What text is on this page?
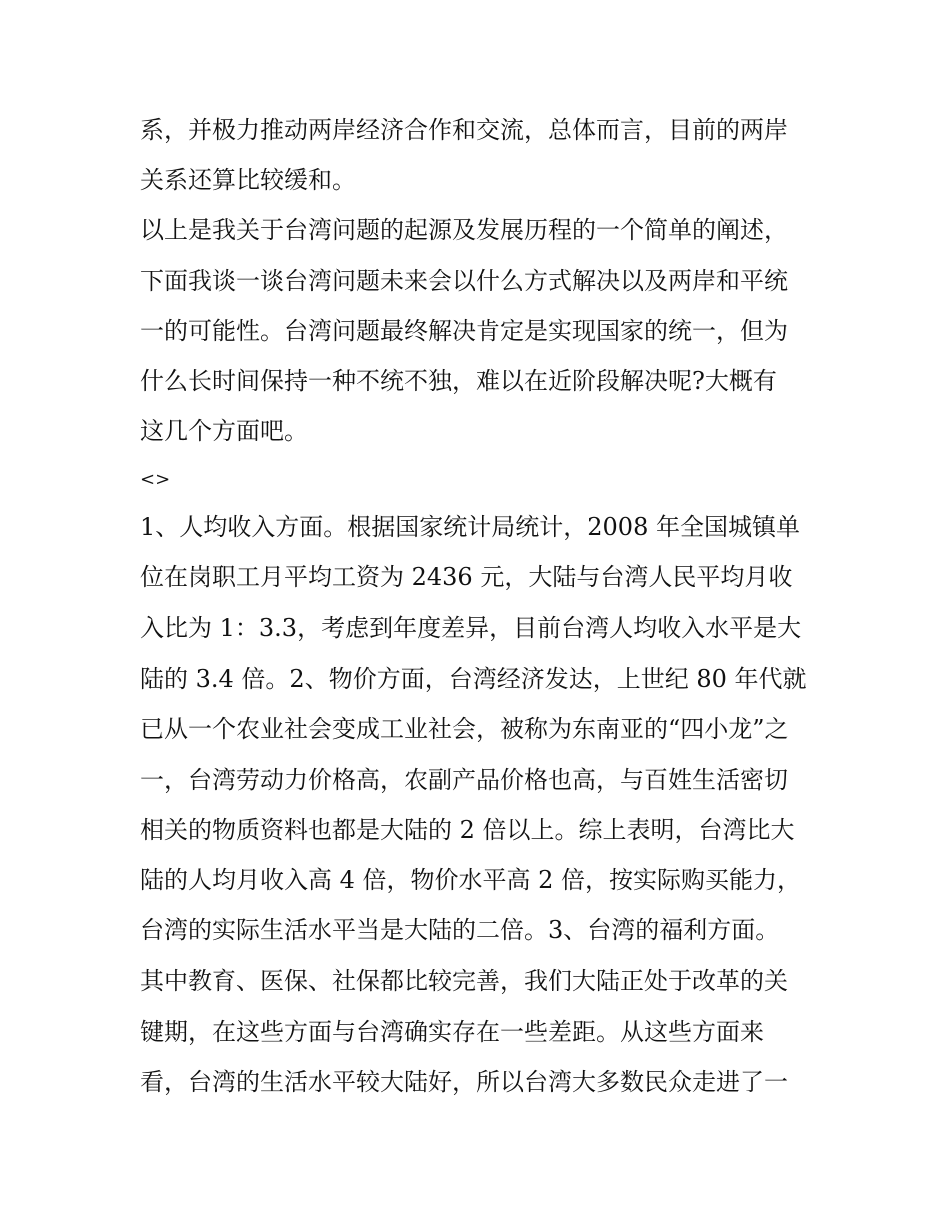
系，并极力推动两岸经济合作和交流，总体而言，目前的两岸
关系还算比较缓和。
以上是我关于台湾问题的起源及发展历程的一个简单的阐述，
下面我谈一谈台湾问题未来会以什么方式解决以及两岸和平统
一的可能性。台湾问题最终解决肯定是实现国家的统一，但为
什么长时间保持一种不统不独，难以在近阶段解决呢?大概有
这几个方面吧。
<>
1、人均收入方面。根据国家统计局统计，2008 年全国城镇单
位在岗职工月平均工资为 2436 元，大陆与台湾人民平均月收
入比为 1：3.3，考虑到年度差异，目前台湾人均收入水平是大
陆的 3.4 倍。2、物价方面，台湾经济发达，上世纪 80 年代就
已从一个农业社会变成工业社会，被称为东南亚的“四小龙”之
一，台湾劳动力价格高，农副产品价格也高，与百姓生活密切
相关的物质资料也都是大陆的 2 倍以上。综上表明，台湾比大
陆的人均月收入高 4 倍，物价水平高 2 倍，按实际购买能力，
台湾的实际生活水平当是大陆的二倍。3、台湾的福利方面。
其中教育、医保、社保都比较完善，我们大陆正处于改革的关
键期，在这些方面与台湾确实存在一些差距。从这些方面来
看，台湾的生活水平较大陆好，所以台湾大多数民众走进了一
